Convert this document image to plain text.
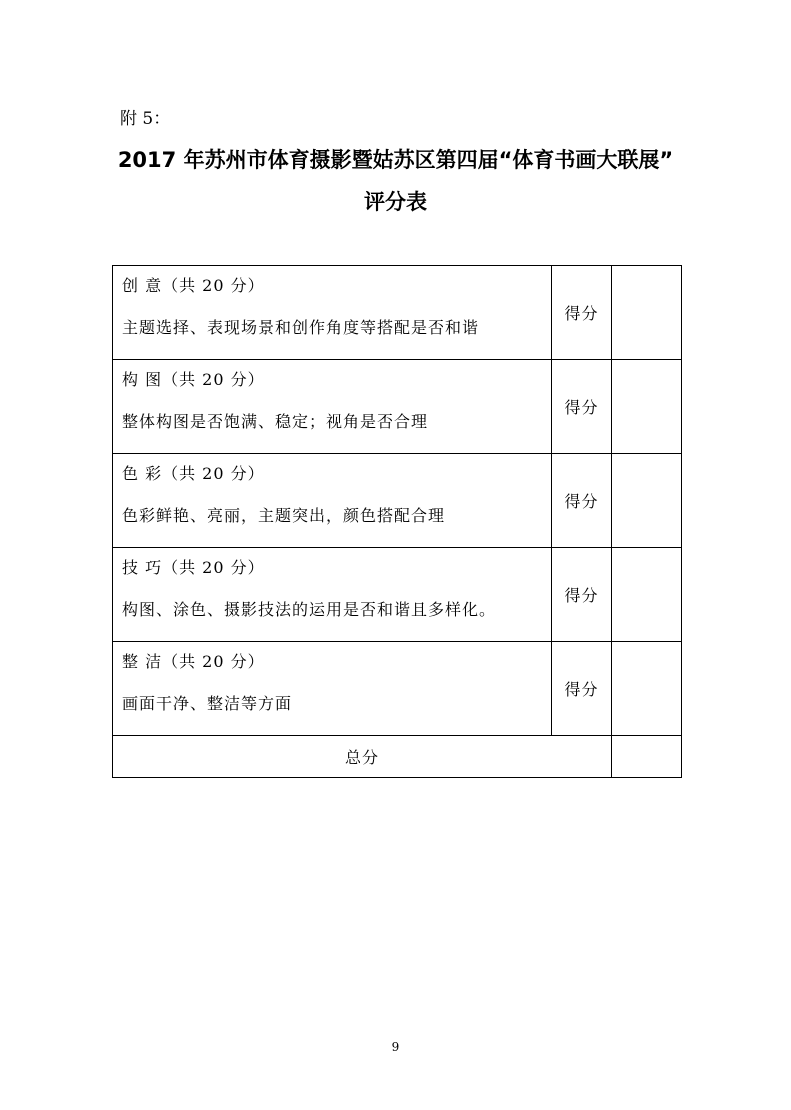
附 5：
2017 年苏州市体育摄影暨姑苏区第四届“体育书画大联展”
评分表
创 意（共 20 分）
主题选择、表现场景和创作角度等搭配是否和谐	得分	

构 图（共 20 分）
整体构图是否饱满、稳定；视角是否合理	得分	

色 彩（共 20 分）
色彩鲜艳、亮丽，主题突出，颜色搭配合理	得分	

技 巧（共 20 分）
构图、涂色、摄影技法的运用是否和谐且多样化。	得分	

整 洁（共 20 分）
画面干净、整洁等方面	得分	
总分		
9
